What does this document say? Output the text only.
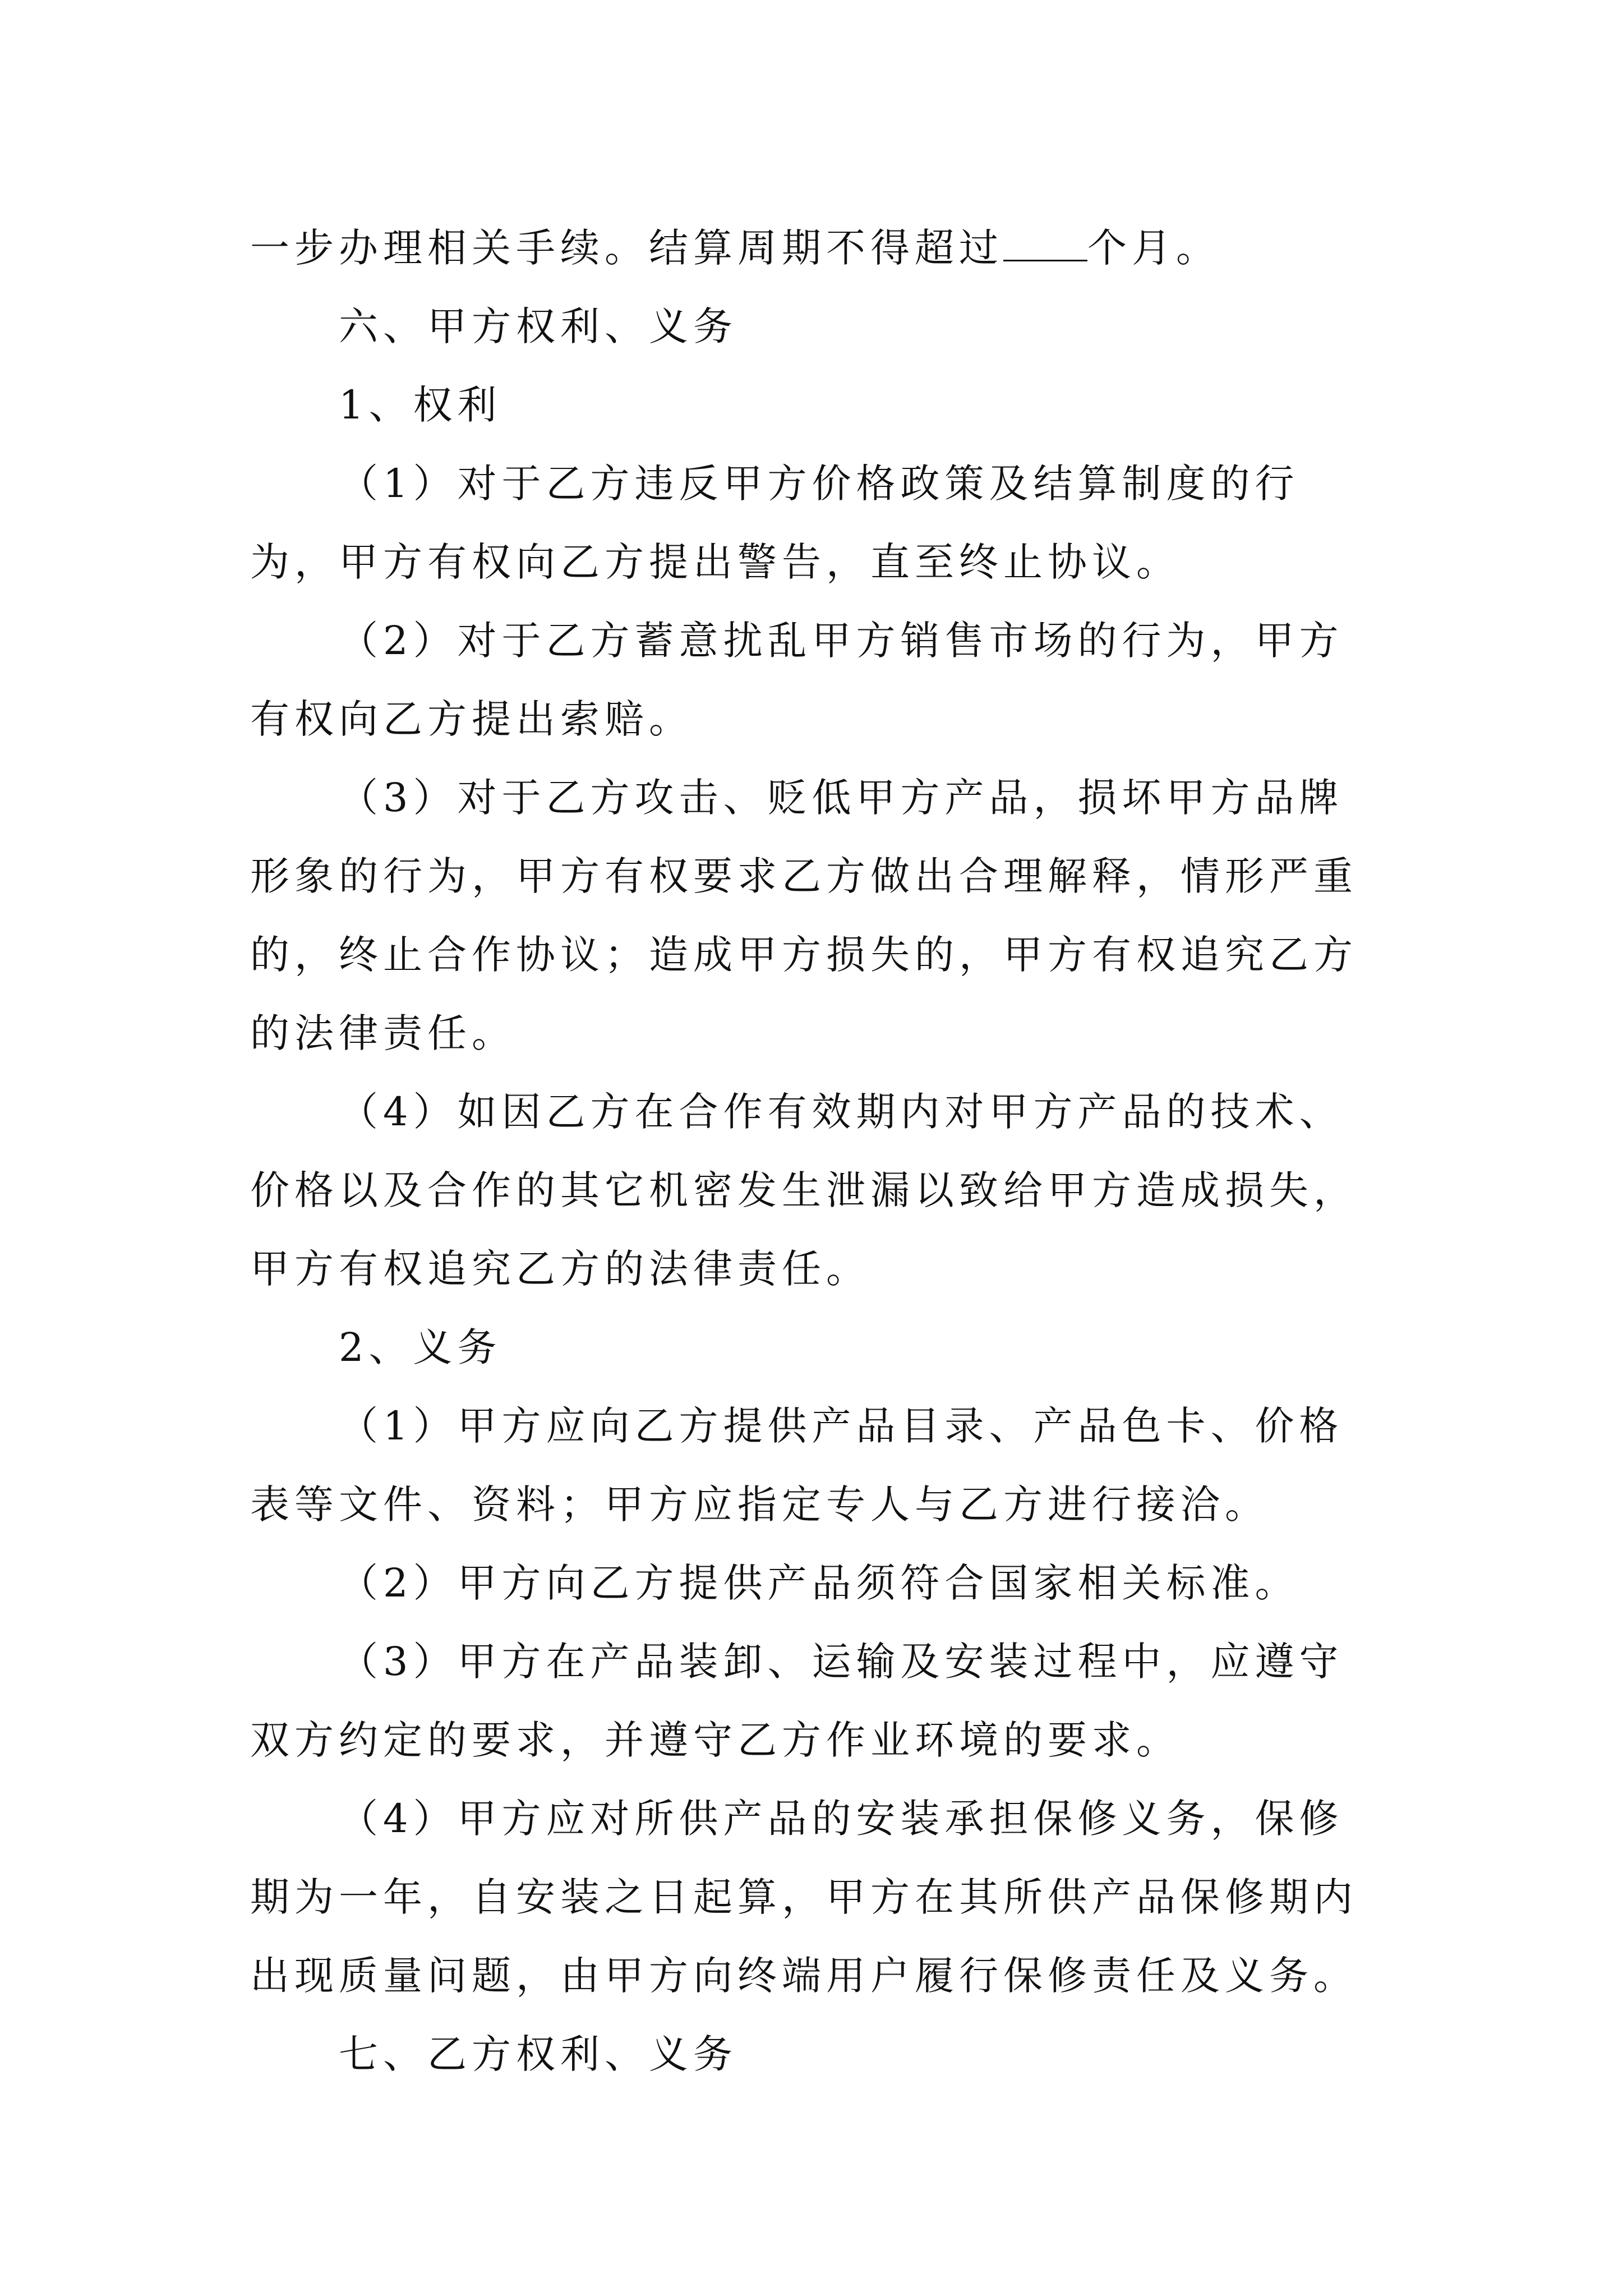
一步办理相关手续。结算周期不得超过 个月。

六、甲方权利、义务

1、权利

（1）对于乙方违反甲方价格政策及结算制度的行为，甲方有权向乙方提出警告，直至终止协议。

（2）对于乙方蓄意扰乱甲方销售市场的行为，甲方有权向乙方提出索赔。

（3）对于乙方攻击、贬低甲方产品，损坏甲方品牌形象的行为，甲方有权要求乙方做出合理解释，情形严重的，终止合作协议；造成甲方损失的，甲方有权追究乙方的法律责任。

（4）如因乙方在合作有效期内对甲方产品的技术、价格以及合作的其它机密发生泄漏以致给甲方造成损失，甲方有权追究乙方的法律责任。

2、义务

（1）甲方应向乙方提供产品目录、产品色卡、价格表等文件、资料；甲方应指定专人与乙方进行接洽。

（2）甲方向乙方提供产品须符合国家相关标准。

（3）甲方在产品装卸、运输及安装过程中，应遵守双方约定的要求，并遵守乙方作业环境的要求。

（4）甲方应对所供产品的安装承担保修义务，保修期为一年，自安装之日起算，甲方在其所供产品保修期内出现质量问题，由甲方向终端用户履行保修责任及义务。

七、乙方权利、义务
